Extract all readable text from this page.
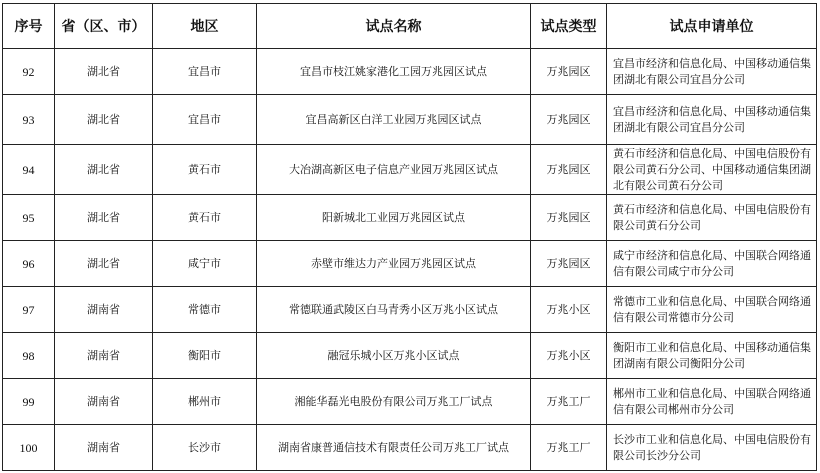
序号	省（区、市）	地区	试点名称	试点类型	试点申请单位
92	湖北省	宜昌市	宜昌市枝江姚家港化工园万兆园区试点	万兆园区	宜昌市经济和信息化局、中国移动通信集团湖北有限公司宜昌分公司
93	湖北省	宜昌市	宜昌高新区白洋工业园万兆园区试点	万兆园区	宜昌市经济和信息化局、中国移动通信集团湖北有限公司宜昌分公司
94	湖北省	黄石市	大冶湖高新区电子信息产业园万兆园区试点	万兆园区	黄石市经济和信息化局、中国电信股份有限公司黄石分公司、中国移动通信集团湖北有限公司黄石分公司
95	湖北省	黄石市	阳新城北工业园万兆园区试点	万兆园区	黄石市经济和信息化局、中国电信股份有限公司黄石分公司
96	湖北省	咸宁市	赤壁市维达力产业园万兆园区试点	万兆园区	咸宁市经济和信息化局、中国联合网络通信有限公司咸宁市分公司
97	湖南省	常德市	常德联通武陵区白马青秀小区万兆小区试点	万兆小区	常德市工业和信息化局、中国联合网络通信有限公司常德市分公司
98	湖南省	衡阳市	融冠乐城小区万兆小区试点	万兆小区	衡阳市工业和信息化局、中国移动通信集团湖南有限公司衡阳分公司
99	湖南省	郴州市	湘能华磊光电股份有限公司万兆工厂试点	万兆工厂	郴州市工业和信息化局、中国联合网络通信有限公司郴州市分公司
100	湖南省	长沙市	湖南省康普通信技术有限责任公司万兆工厂试点	万兆工厂	长沙市工业和信息化局、中国电信股份有限公司长沙分公司
